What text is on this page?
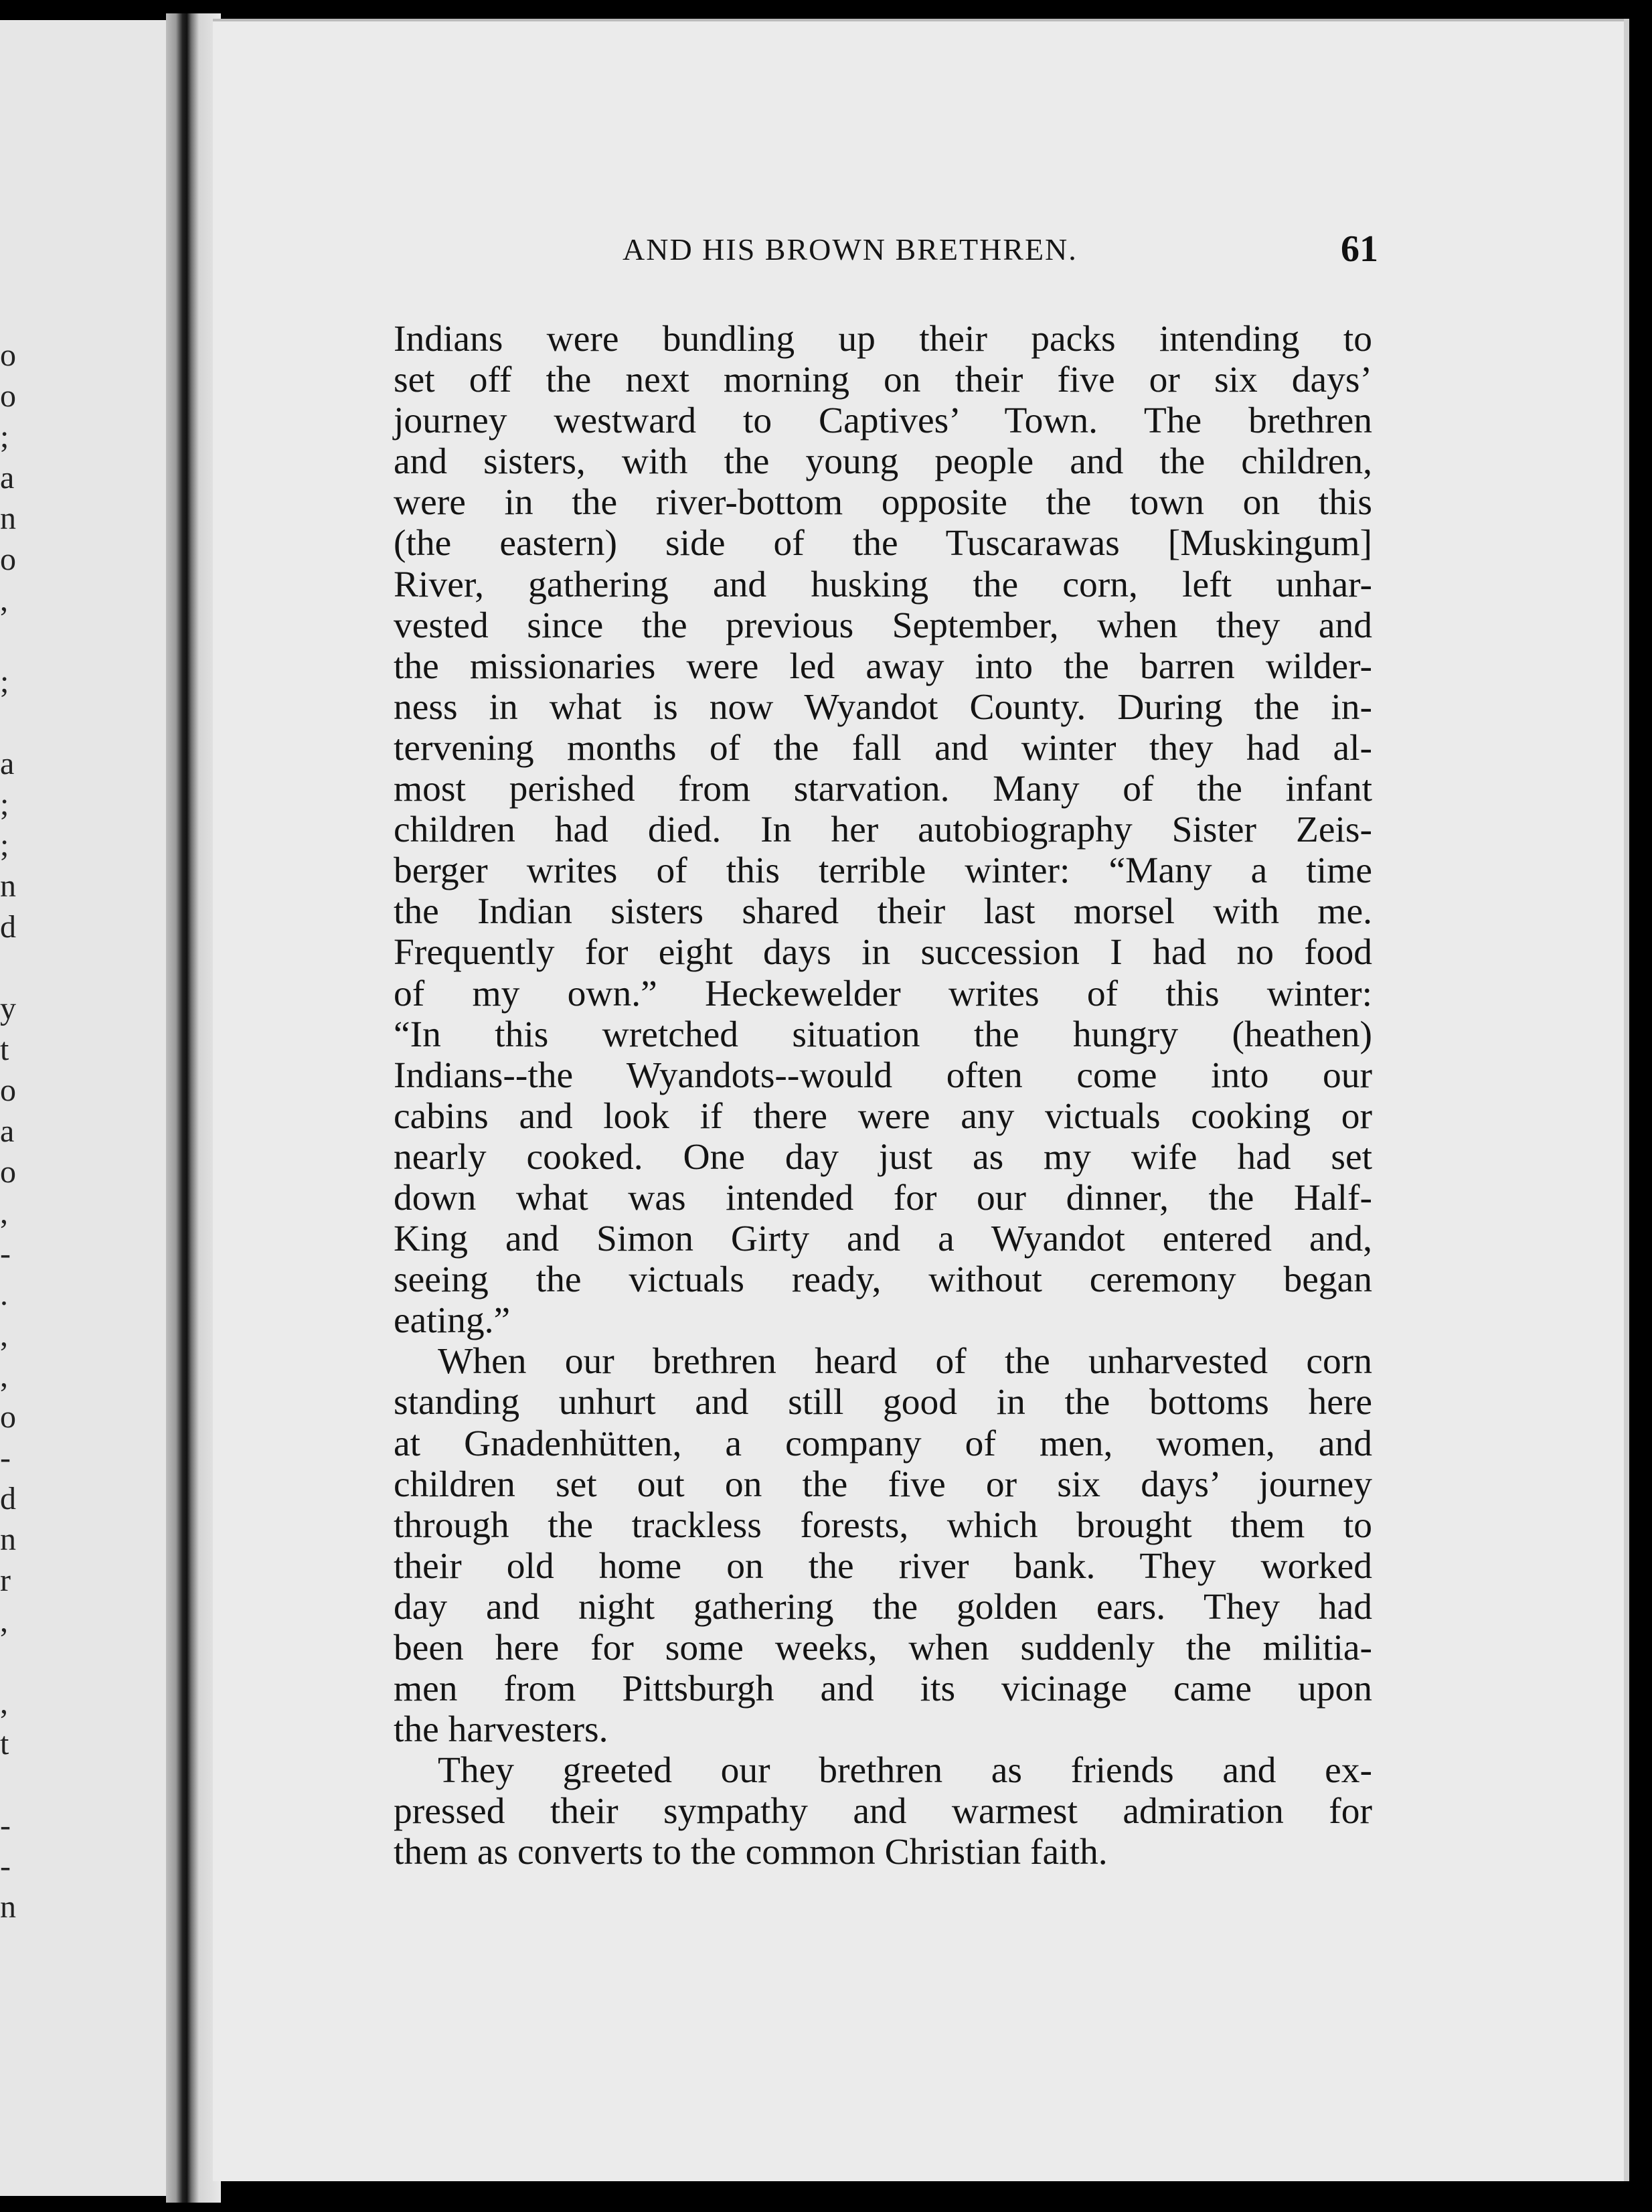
o
o
;
a
n
o
,
;
a
;
;
n
d
y
t
o
a
o
,
-
.
,
,
o
-
d
n
r
,
,
t
-
-
n
AND HIS BROWN BRETHREN.	61
Indians were bundling up their packs intending to
set off the next morning on their five or six days’
journey westward to Captives’ Town. The brethren
and sisters, with the young people and the children,
were in the river-bottom opposite the town on this
(the eastern) side of the Tuscarawas [Muskingum]
River, gathering and husking the corn, left unhar-
vested since the previous September, when they and
the missionaries were led away into the barren wilder-
ness in what is now Wyandot County. During the in-
tervening months of the fall and winter they had al-
most perished from starvation. Many of the infant
children had died. In her autobiography Sister Zeis-
berger writes of this terrible winter: “Many a time
the Indian sisters shared their last morsel with me.
Frequently for eight days in succession I had no food
of my own.” Heckewelder writes of this winter:
“In this wretched situation the hungry (heathen)
Indians--the Wyandots--would often come into our
cabins and look if there were any victuals cooking or
nearly cooked. One day just as my wife had set
down what was intended for our dinner, the Half-
King and Simon Girty and a Wyandot entered and,
seeing the victuals ready, without ceremony began
eating.”
When our brethren heard of the unharvested corn
standing unhurt and still good in the bottoms here
at Gnadenhütten, a company of men, women, and
children set out on the five or six days’ journey
through the trackless forests, which brought them to
their old home on the river bank. They worked
day and night gathering the golden ears. They had
been here for some weeks, when suddenly the militia-
men from Pittsburgh and its vicinage came upon
the harvesters.
They greeted our brethren as friends and ex-
pressed their sympathy and warmest admiration for
them as converts to the common Christian faith.
